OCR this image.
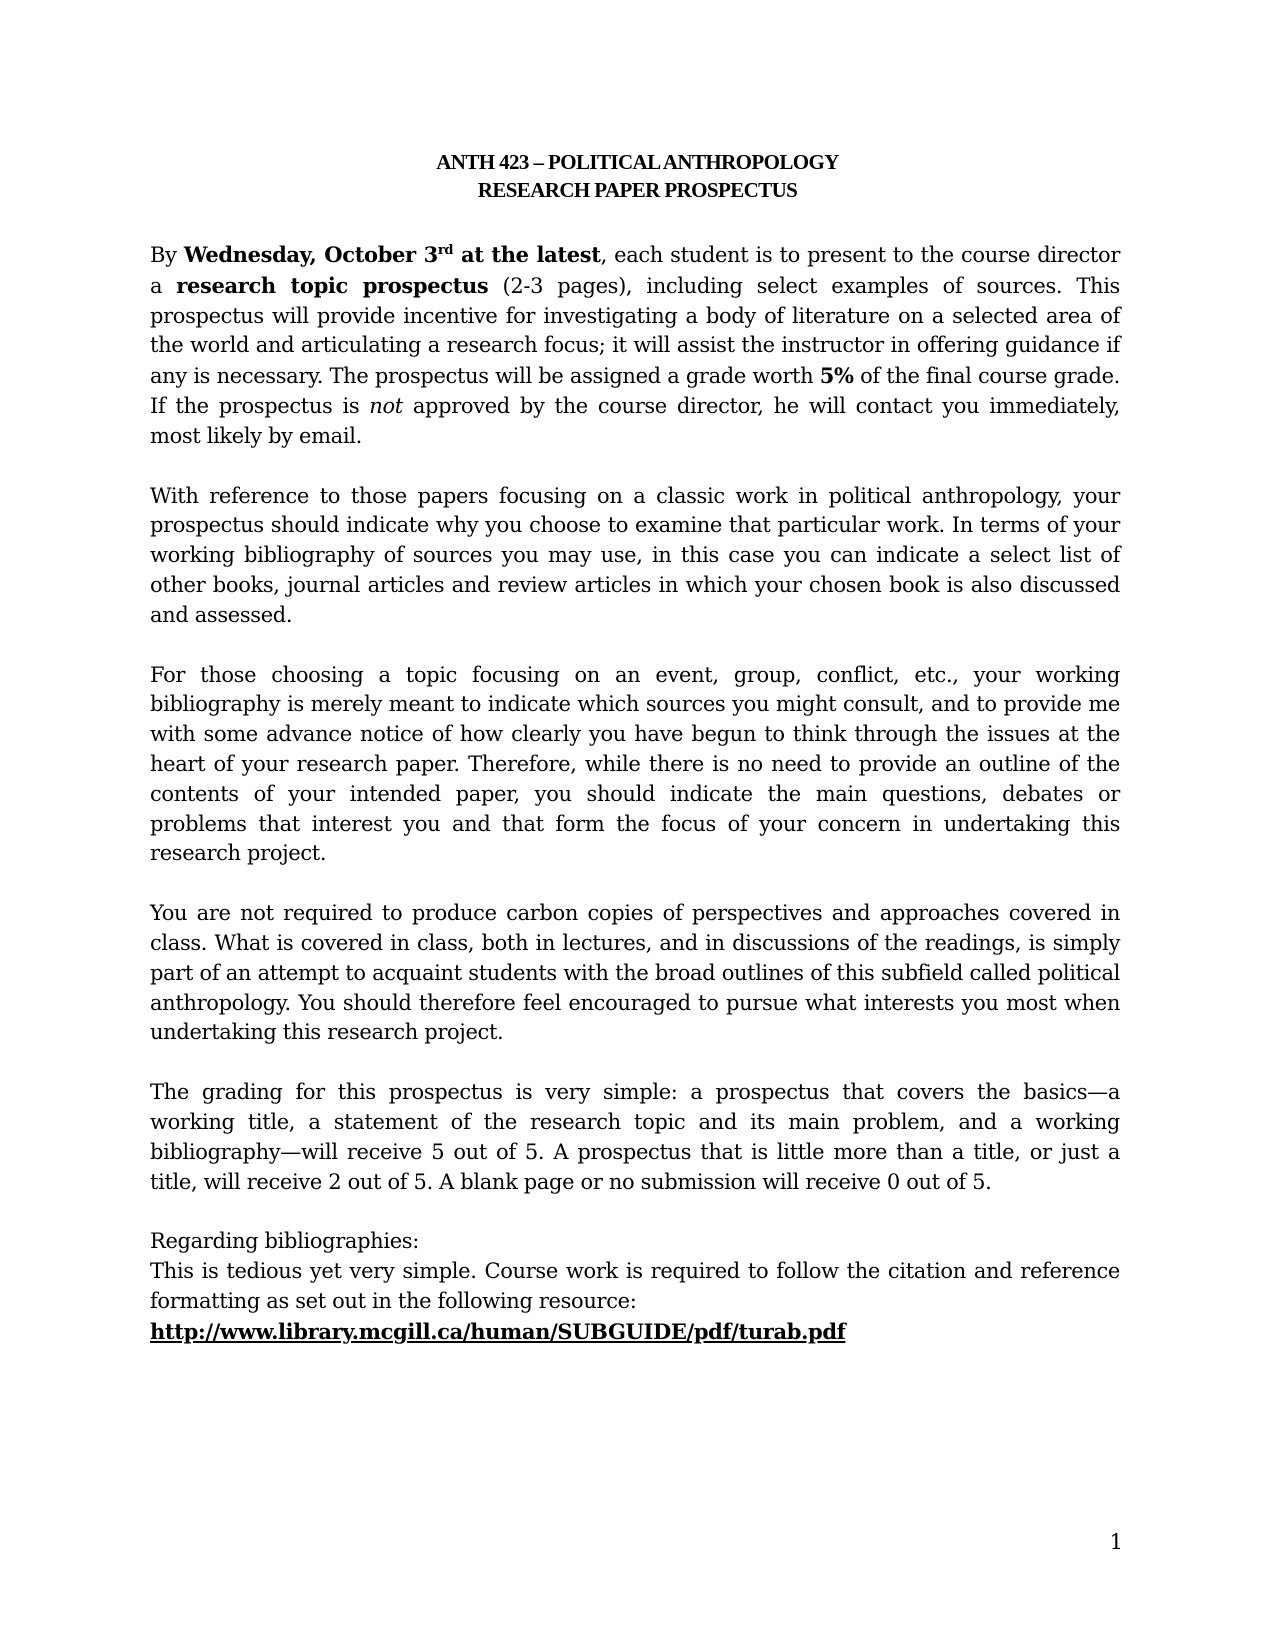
ANTH 423 – POLITICAL ANTHROPOLOGY
RESEARCH PAPER PROSPECTUS

By Wednesday, October 3rd at the latest, each student is to present to the course director a research topic prospectus (2-3 pages), including select examples of sources. This prospectus will provide incentive for investigating a body of literature on a selected area of the world and articulating a research focus; it will assist the instructor in offering guidance if any is necessary. The prospectus will be assigned a grade worth 5% of the final course grade. If the prospectus is not approved by the course director, he will contact you immediately, most likely by email.

With reference to those papers focusing on a classic work in political anthropology, your prospectus should indicate why you choose to examine that particular work. In terms of your working bibliography of sources you may use, in this case you can indicate a select list of other books, journal articles and review articles in which your chosen book is also discussed and assessed.

For those choosing a topic focusing on an event, group, conflict, etc., your working bibliography is merely meant to indicate which sources you might consult, and to provide me with some advance notice of how clearly you have begun to think through the issues at the heart of your research paper. Therefore, while there is no need to provide an outline of the contents of your intended paper, you should indicate the main questions, debates or problems that interest you and that form the focus of your concern in undertaking this research project.

You are not required to produce carbon copies of perspectives and approaches covered in class. What is covered in class, both in lectures, and in discussions of the readings, is simply part of an attempt to acquaint students with the broad outlines of this subfield called political anthropology. You should therefore feel encouraged to pursue what interests you most when undertaking this research project.

The grading for this prospectus is very simple: a prospectus that covers the basics—a working title, a statement of the research topic and its main problem, and a working bibliography—will receive 5 out of 5. A prospectus that is little more than a title, or just a title, will receive 2 out of 5. A blank page or no submission will receive 0 out of 5.

Regarding bibliographies:
This is tedious yet very simple. Course work is required to follow the citation and reference formatting as set out in the following resource:
http://www.library.mcgill.ca/human/SUBGUIDE/pdf/turab.pdf
1
